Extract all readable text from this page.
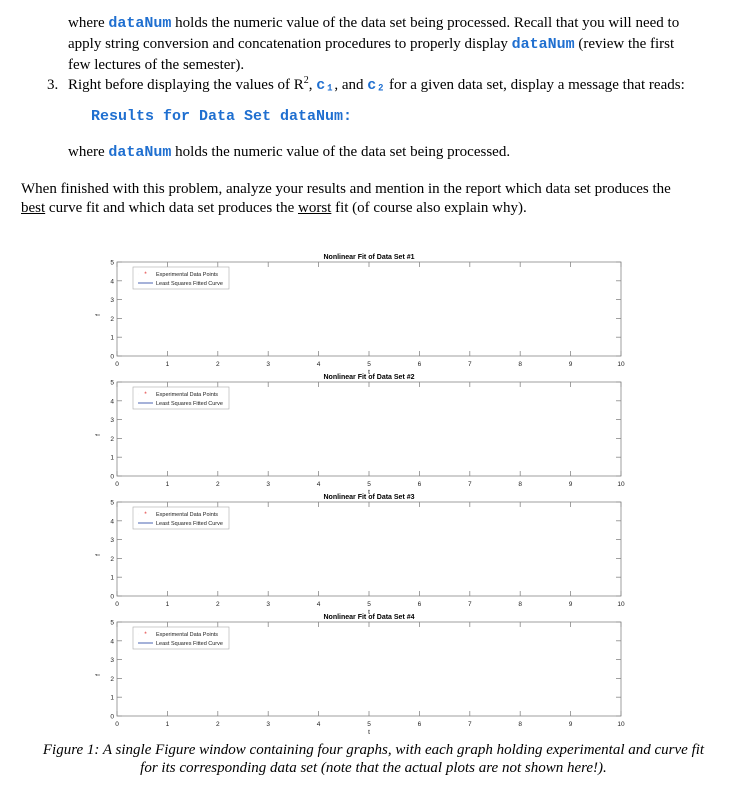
where dataNum holds the numeric value of the data set being processed. Recall that you will need to
apply string conversion and concatenation procedures to properly display dataNum (review the first
few lectures of the semester).
3. Right before displaying the values of $R^2$, c₁, and c₂ for a given data set, display a message that reads:
Results for Data Set dataNum:
where dataNum holds the numeric value of the data set being processed.
When finished with this problem, analyze your results and mention in the report which data set produces the
best curve fit and which data set produces the worst fit (of course also explain why).
0	1	2	3	4	5	6	7	8	9	10
0
1
2
3
4
5
Nonlinear Fit of Data Set #1
t
f
* Experimental Data Points
Least Squares Fitted Curve
0	1	2	3	4	5	6	7	8	9	10
0
1
2
3
4
5
Nonlinear Fit of Data Set #2
t
f
* Experimental Data Points
Least Squares Fitted Curve
0	1	2	3	4	5	6	7	8	9	10
0
1
2
3
4
5
Nonlinear Fit of Data Set #3
t
f
* Experimental Data Points
Least Squares Fitted Curve
0	1	2	3	4	5	6	7	8	9	10
0
1
2
3
4
5
Nonlinear Fit of Data Set #4
t
f
* Experimental Data Points
Least Squares Fitted Curve
Figure 1: A single Figure window containing four graphs, with each graph holding experimental and curve fit
for its corresponding data set (note that the actual plots are not shown here!).
